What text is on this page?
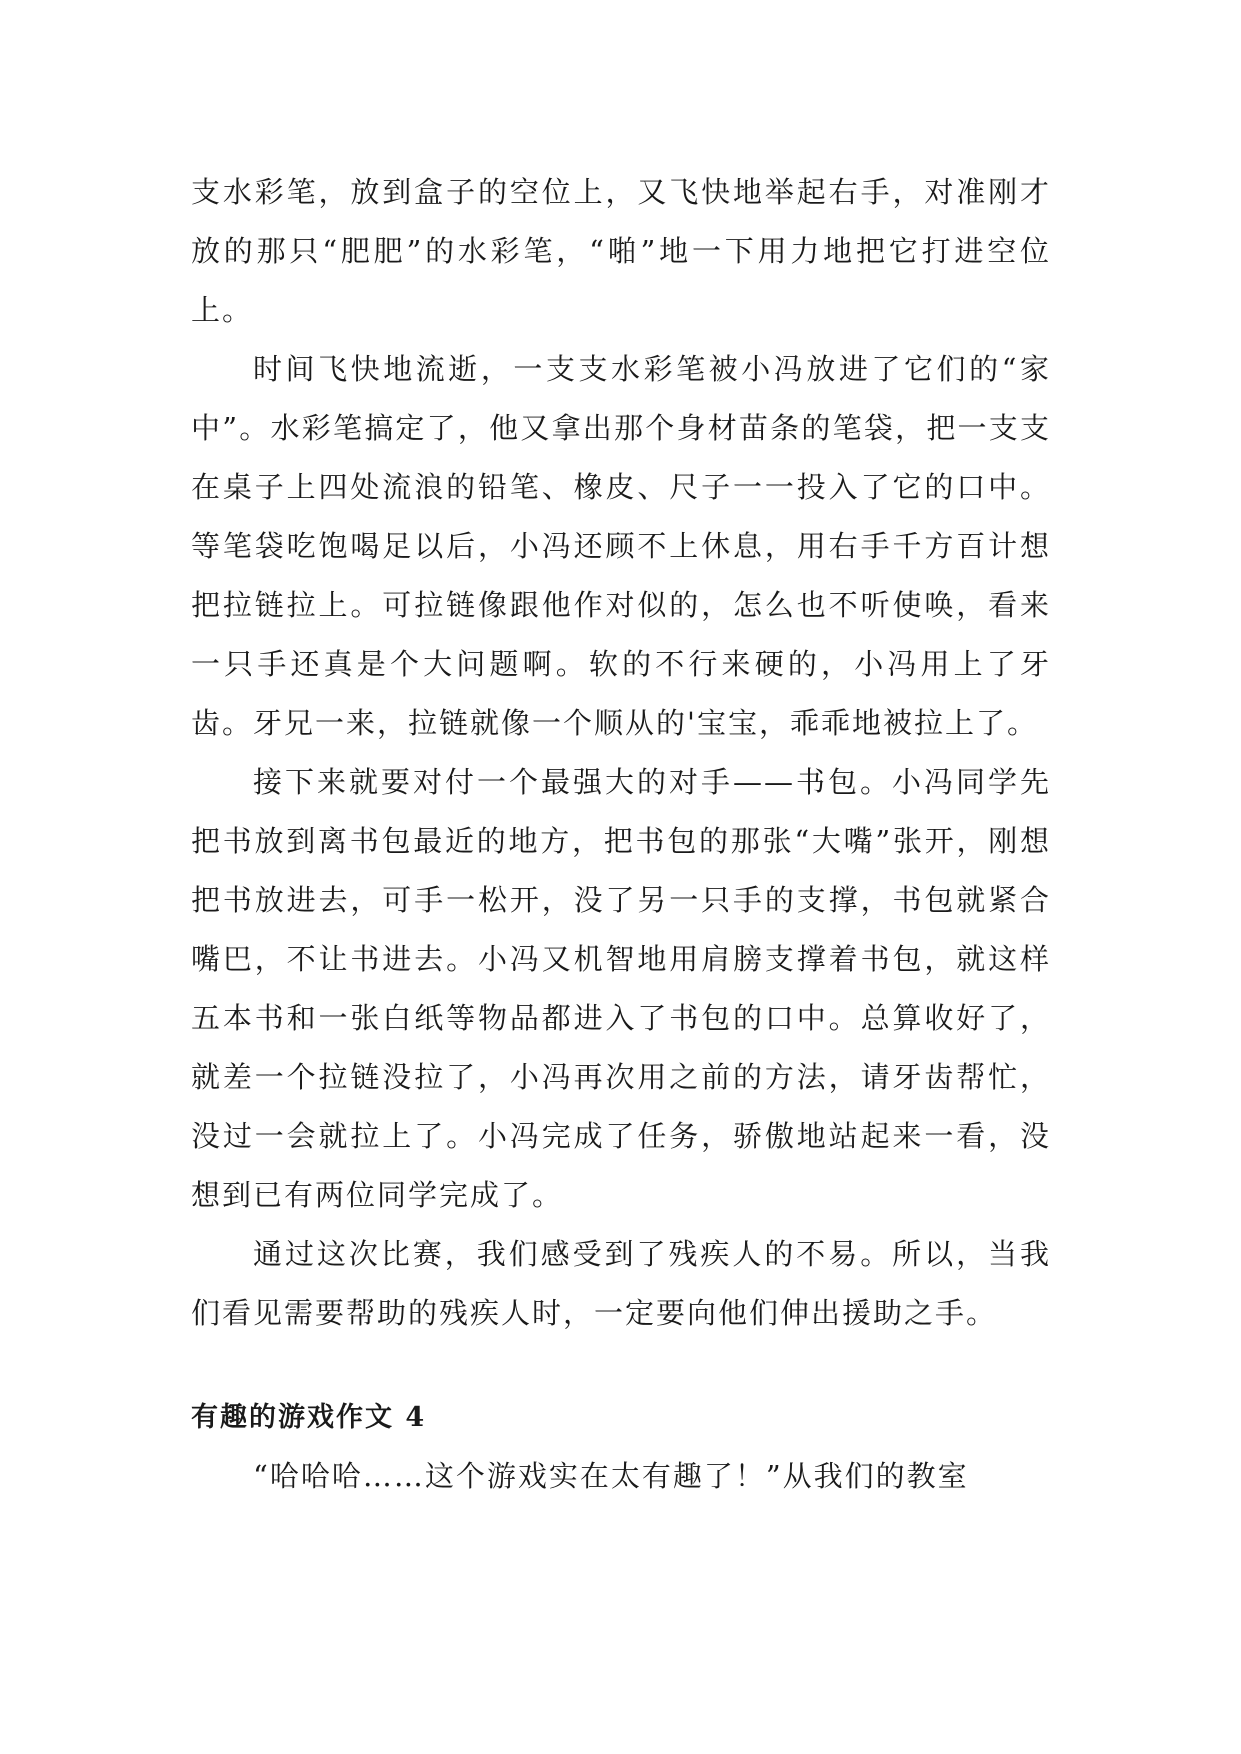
支水彩笔，放到盒子的空位上，又飞快地举起右手，对准刚才放的那只“肥肥”的水彩笔，“啪”地一下用力地把它打进空位上。

时间飞快地流逝，一支支水彩笔被小冯放进了它们的“家中”。水彩笔搞定了，他又拿出那个身材苗条的笔袋，把一支支在桌子上四处流浪的铅笔、橡皮、尺子一一投入了它的口中。等笔袋吃饱喝足以后，小冯还顾不上休息，用右手千方百计想把拉链拉上。可拉链像跟他作对似的，怎么也不听使唤，看来一只手还真是个大问题啊。软的不行来硬的，小冯用上了牙齿。牙兄一来，拉链就像一个顺从的'宝宝，乖乖地被拉上了。

接下来就要对付一个最强大的对手——书包。小冯同学先把书放到离书包最近的地方，把书包的那张“大嘴”张开，刚想把书放进去，可手一松开，没了另一只手的支撑，书包就紧合嘴巴，不让书进去。小冯又机智地用肩膀支撑着书包，就这样五本书和一张白纸等物品都进入了书包的口中。总算收好了，就差一个拉链没拉了，小冯再次用之前的方法，请牙齿帮忙，没过一会就拉上了。小冯完成了任务，骄傲地站起来一看，没想到已有两位同学完成了。

通过这次比赛，我们感受到了残疾人的不易。所以，当我们看见需要帮助的残疾人时，一定要向他们伸出援助之手。

有趣的游戏作文 4

“哈哈哈……这个游戏实在太有趣了！”从我们的教室
